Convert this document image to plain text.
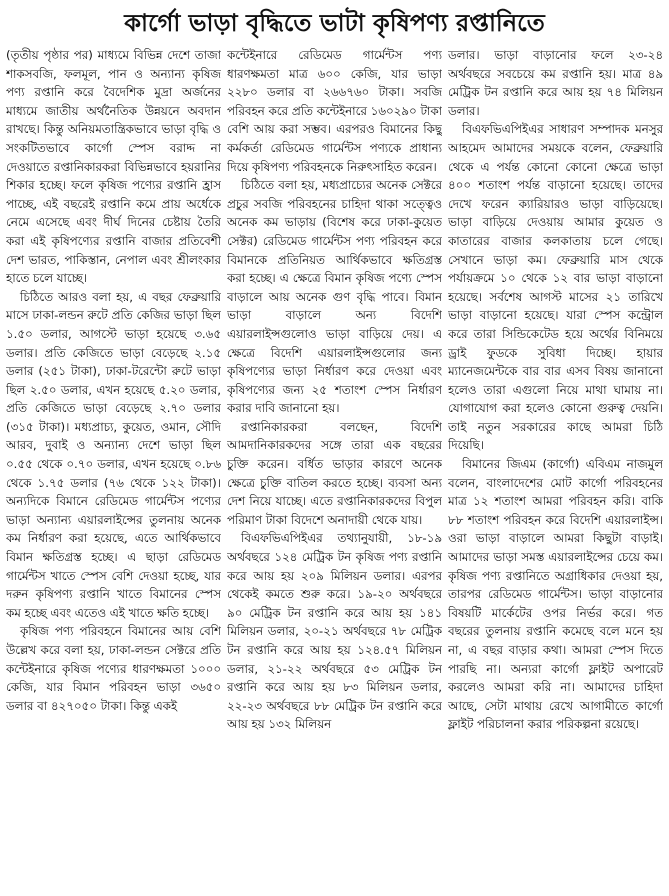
কার্গো ভাড়া বৃদ্ধিতে ভাটা কৃষিপণ্য রপ্তানিতে

(তৃতীয় পৃষ্ঠার পর) মাধ্যমে বিভিন্ন দেশে তাজা শাকসবজি, ফলমূল, পান ও অন্যান্য কৃষিজ পণ্য রপ্তানি করে বৈদেশিক মুদ্রা অর্জনের মাধ্যমে জাতীয় অর্থনৈতিক উন্নয়নে অবদান রাখছে। কিন্তু অনিয়মতান্ত্রিকভাবে ভাড়া বৃদ্ধি ও সংকটিতভাবে কার্গো স্পেস বরাদ্দ না দেওয়াতে রপ্তানিকারকরা বিভিন্নভাবে হয়রানির শিকার হচ্ছে। ফলে কৃষিজ পণ্যের রপ্তানি হ্রাস পাচ্ছে, এই বছরেই রপ্তানি কমে প্রায় অর্ধেকে নেমে এসেছে এবং দীর্ঘ দিনের চেষ্টায় তৈরি করা এই কৃষিপণ্যের রপ্তানি বাজার প্রতিবেশী দেশ ভারত, পাকিস্তান, নেপাল এবং শ্রীলংকার হাতে চলে যাচ্ছে।

চিঠিতে আরও বলা হয়, এ বছর ফেব্রুয়ারি মাসে ঢাকা-লন্ডন রুটে প্রতি কেজির ভাড়া ছিল ১.৫০ ডলার, আগস্টে ভাড়া হয়েছে ৩.৬৫ ডলার। প্রতি কেজিতে ভাড়া বেড়েছে ২.১৫ ডলার (২৫১ টাকা), ঢাকা-টরেন্টো রুটে ভাড়া ছিল ২.৫০ ডলার, এখন হয়েছে ৫.২০ ডলার, প্রতি কেজিতে ভাড়া বেড়েছে ২.৭০ ডলার (৩১৫ টাকা)। মধ্যপ্রাচ্য, কুয়েত, ওমান, সৌদি আরব, দুবাই ও অন্যান্য দেশে ভাড়া ছিল ০.৫৫ থেকে ০.৭০ ডলার, এখন হয়েছে ০.৮৬ থেকে ১.৭৫ ডলার (৭৬ থেকে ১২২ টাকা)। অন্যদিকে বিমানে রেডিমেড গার্মেন্টস পণ্যের ভাড়া অন্যান্য এয়ারলাইন্সের তুলনায় অনেক কম নির্ধারণ করা হয়েছে, এতে আর্থিকভাবে বিমান ক্ষতিগ্রস্ত হচ্ছে। এ ছাড়া রেডিমেড গার্মেন্টস খাতে স্পেস বেশি দেওয়া হচ্ছে, যার দরুন কৃষিপণ্য রপ্তানি খাতে বিমানের স্পেস কম হচ্ছে এবং এতেও এই খাতে ক্ষতি হচ্ছে।

কৃষিজ পণ্য পরিবহনে বিমানের আয় বেশি উল্লেখ করে বলা হয়, ঢাকা-লন্ডন সেক্টরে প্রতি কন্টেইনারে কৃষিজ পণ্যের ধারণক্ষমতা ১০০০ কেজি, যার বিমান পরিবহন ভাড়া ৩৬৫০ ডলার বা ৪২৭০৫০ টাকা। কিন্তু একই

কন্টেইনারে রেডিমেড গার্মেন্টস পণ্য ধারণক্ষমতা মাত্র ৬০০ কেজি, যার ভাড়া ২২৮০ ডলার বা ২৬৬৭৬০ টাকা। সবজি পরিবহন করে প্রতি কন্টেইনারে ১৬০২৯০ টাকা বেশি আয় করা সম্ভব। এরপরও বিমানের কিছু কর্মকর্তা রেডিমেড গার্মেন্টস পণ্যকে প্রাধান্য দিয়ে কৃষিপণ্য পরিবহনকে নিরুৎসাহিত করেন।

চিঠিতে বলা হয়, মধ্যপ্রাচ্যের অনেক সেক্টরে প্রচুর সবজি পরিবহনের চাহিদা থাকা সত্ত্বেও অনেক কম ভাড়ায় (বিশেষ করে ঢাকা-কুয়েত সেক্টর) রেডিমেড গার্মেন্টস পণ্য পরিবহন করে বিমানকে প্রতিনিয়ত আর্থিকভাবে ক্ষতিগ্রস্ত করা হচ্ছে। এ ক্ষেত্রে বিমান কৃষিজ পণ্যে স্পেস বাড়ালে আয় অনেক গুণ বৃদ্ধি পাবে। বিমান ভাড়া বাড়ালে অন্য বিদেশি এয়ারলাইন্সগুলোও ভাড়া বাড়িয়ে দেয়। এ ক্ষেত্রে বিদেশি এয়ারলাইন্সগুলোর জন্য কৃষিপণ্যের ভাড়া নির্ধারণ করে দেওয়া এবং কৃষিপণ্যের জন্য ২৫ শতাংশ স্পেস নির্ধারণ করার দাবি জানানো হয়।

রপ্তানিকারকরা বলছেন, বিদেশি আমদানিকারকদের সঙ্গে তারা এক বছরের চুক্তি করেন। বর্ধিত ভাড়ার কারণে অনেক ক্ষেত্রে চুক্তি বাতিল করতে হচ্ছে। ব্যবসা অন্য দেশ নিয়ে যাচ্ছে। এতে রপ্তানিকারকদের বিপুল পরিমাণ টাকা বিদেশে অনাদায়ী থেকে যায়।

বিএফভিএপিইএর তথ্যানুযায়ী, ১৮-১৯ অর্থবছরে ১২৪ মেট্রিক টন কৃষিজ পণ্য রপ্তানি করে আয় হয় ২০৯ মিলিয়ন ডলার। এরপর থেকেই কমতে শুরু করে। ১৯-২০ অর্থবছরে ৯০ মেট্রিক টন রপ্তানি করে আয় হয় ১৪১ মিলিয়ন ডলার, ২০-২১ অর্থবছরে ৭৮ মেট্রিক টন রপ্তানি করে আয় হয় ১২৪.৫৭ মিলিয়ন ডলার, ২১-২২ অর্থবছরে ৫৩ মেট্রিক টন রপ্তানি করে আয় হয় ৮৩ মিলিয়ন ডলার, ২২-২৩ অর্থবছরে ৮৮ মেট্রিক টন রপ্তানি করে আয় হয় ১৩২ মিলিয়ন

ডলার। ভাড়া বাড়ানোর ফলে ২৩-২৪ অর্থবছরে সবচেয়ে কম রপ্তানি হয়। মাত্র ৪৯ মেট্রিক টন রপ্তানি করে আয় হয় ৭৪ মিলিয়ন ডলার।

বিএফভিএপিইএর সাধারণ সম্পাদক মনসুর আহমেদ আমাদের সময়কে বলেন, ফেব্রুয়ারি থেকে এ পর্যন্ত কোনো কোনো ক্ষেত্রে ভাড়া ৪০০ শতাংশ পর্যন্ত বাড়ানো হয়েছে। তাদের দেখে ফরেন ক্যারিয়ারও ভাড়া বাড়িয়েছে। ভাড়া বাড়িয়ে দেওয়ায় আমার কুয়েত ও কাতারের বাজার কলকাতায় চলে গেছে। সেখানে ভাড়া কম। ফেব্রুয়ারি মাস থেকে পর্যায়ক্রমে ১০ থেকে ১২ বার ভাড়া বাড়ানো হয়েছে। সর্বশেষ আগস্ট মাসের ২১ তারিখে ভাড়া বাড়ানো হয়েছে। যারা স্পেস কন্ট্রোল করে তারা সিন্ডিকেটেড হয়ে অর্থের বিনিময়ে ড্রাই ফুডকে সুবিধা দিচ্ছে। হায়ার ম্যানেজমেন্টকে বার বার এসব বিষয় জানানো হলেও তারা এগুলো নিয়ে মাথা ঘামায় না। যোগাযোগ করা হলেও কোনো গুরুত্ব দেয়নি। তাই নতুন সরকারের কাছে আমরা চিঠি দিয়েছি।

বিমানের জিএম (কার্গো) এবিএম নাজমুল বলেন, বাংলাদেশের মোট কার্গো পরিবহনের মাত্র ১২ শতাংশ আমরা পরিবহন করি। বাকি ৮৮ শতাংশ পরিবহন করে বিদেশি এয়ারলাইন্স। ওরা ভাড়া বাড়ালে আমরা কিছুটা বাড়াই। আমাদের ভাড়া সমস্ত এয়ারলাইন্সের চেয়ে কম। কৃষিজ পণ্য রপ্তানিতে অগ্রাধিকার দেওয়া হয়, তারপর রেডিমেড গার্মেন্টস। ভাড়া বাড়ানোর বিষয়টি মার্কেটের ওপর নির্ভর করে। গত বছরের তুলনায় রপ্তানি কমেছে বলে মনে হয় না, এ বছর বাড়ার কথা। আমরা স্পেস দিতে পারছি না। অন্যরা কার্গো ফ্লাইট অপারেট করলেও আমরা করি না। আমাদের চাহিদা আছে, সেটা মাথায় রেখে আগামীতে কার্গো ফ্লাইট পরিচালনা করার পরিকল্পনা রয়েছে।
